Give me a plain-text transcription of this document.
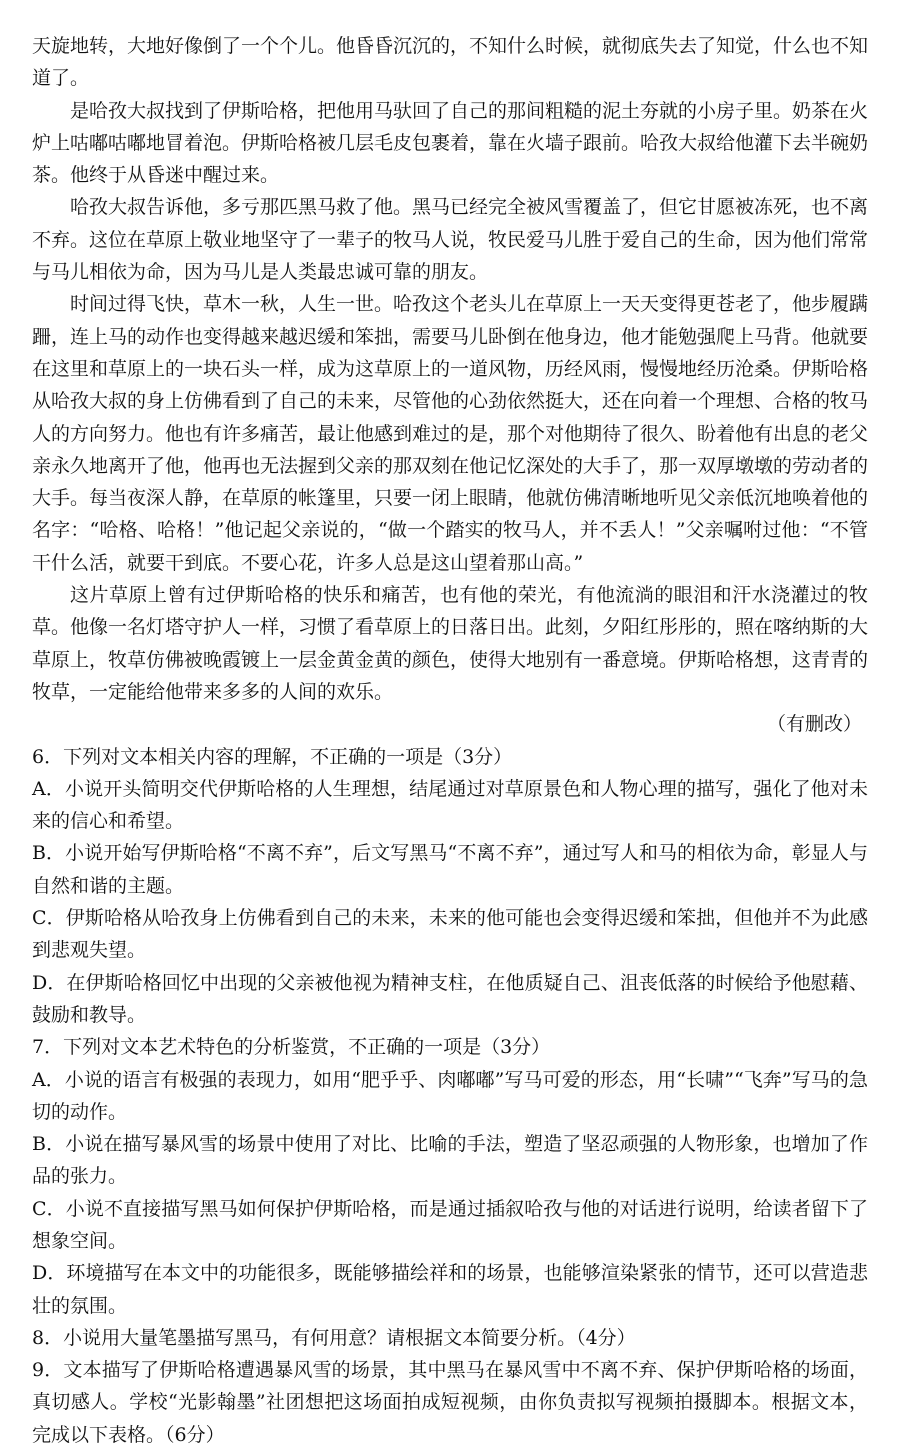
天旋地转，大地好像倒了一个个儿。他昏昏沉沉的，不知什么时候，就彻底失去了知觉，什么也不知道了。

是哈孜大叔找到了伊斯哈格，把他用马驮回了自己的那间粗糙的泥土夯就的小房子里。奶茶在火炉上咕嘟咕嘟地冒着泡。伊斯哈格被几层毛皮包裹着，靠在火墙子跟前。哈孜大叔给他灌下去半碗奶茶。他终于从昏迷中醒过来。

哈孜大叔告诉他，多亏那匹黑马救了他。黑马已经完全被风雪覆盖了，但它甘愿被冻死，也不离不弃。这位在草原上敬业地坚守了一辈子的牧马人说，牧民爱马儿胜于爱自己的生命，因为他们常常与马儿相依为命，因为马儿是人类最忠诚可靠的朋友。

时间过得飞快，草木一秋，人生一世。哈孜这个老头儿在草原上一天天变得更苍老了，他步履蹒跚，连上马的动作也变得越来越迟缓和笨拙，需要马儿卧倒在他身边，他才能勉强爬上马背。他就要在这里和草原上的一块石头一样，成为这草原上的一道风物，历经风雨，慢慢地经历沧桑。伊斯哈格从哈孜大叔的身上仿佛看到了自己的未来，尽管他的心劲依然挺大，还在向着一个理想、合格的牧马人的方向努力。他也有许多痛苦，最让他感到难过的是，那个对他期待了很久、盼着他有出息的老父亲永久地离开了他，他再也无法握到父亲的那双刻在他记忆深处的大手了，那一双厚墩墩的劳动者的大手。每当夜深人静，在草原的帐篷里，只要一闭上眼睛，他就仿佛清晰地听见父亲低沉地唤着他的名字：“哈格、哈格！”他记起父亲说的，“做一个踏实的牧马人，并不丢人！”父亲嘱咐过他：“不管干什么活，就要干到底。不要心花，许多人总是这山望着那山高。”

这片草原上曾有过伊斯哈格的快乐和痛苦，也有他的荣光，有他流淌的眼泪和汗水浇灌过的牧草。他像一名灯塔守护人一样，习惯了看草原上的日落日出。此刻，夕阳红彤彤的，照在喀纳斯的大草原上，牧草仿佛被晚霞镀上一层金黄金黄的颜色，使得大地别有一番意境。伊斯哈格想，这青青的牧草，一定能给他带来多多的人间的欢乐。

（有删改）

6．下列对文本相关内容的理解，不正确的一项是（3分）

A．小说开头简明交代伊斯哈格的人生理想，结尾通过对草原景色和人物心理的描写，强化了他对未来的信心和希望。

B．小说开始写伊斯哈格“不离不弃”，后文写黑马“不离不弃”，通过写人和马的相依为命，彰显人与自然和谐的主题。

C．伊斯哈格从哈孜身上仿佛看到自己的未来，未来的他可能也会变得迟缓和笨拙，但他并不为此感到悲观失望。

D．在伊斯哈格回忆中出现的父亲被他视为精神支柱，在他质疑自己、沮丧低落的时候给予他慰藉、鼓励和教导。

7．下列对文本艺术特色的分析鉴赏，不正确的一项是（3分）

A．小说的语言有极强的表现力，如用“肥乎乎、肉嘟嘟”写马可爱的形态，用“长啸”“飞奔”写马的急切的动作。

B．小说在描写暴风雪的场景中使用了对比、比喻的手法，塑造了坚忍顽强的人物形象，也增加了作品的张力。

C．小说不直接描写黑马如何保护伊斯哈格，而是通过插叙哈孜与他的对话进行说明，给读者留下了想象空间。

D．环境描写在本文中的功能很多，既能够描绘祥和的场景，也能够渲染紧张的情节，还可以营造悲壮的氛围。

8．小说用大量笔墨描写黑马，有何用意？请根据文本简要分析。（4分）

9．文本描写了伊斯哈格遭遇暴风雪的场景，其中黑马在暴风雪中不离不弃、保护伊斯哈格的场面，真切感人。学校“光影翰墨”社团想把这场面拍成短视频，由你负责拟写视频拍摄脚本。根据文本，完成以下表格。（6分）
